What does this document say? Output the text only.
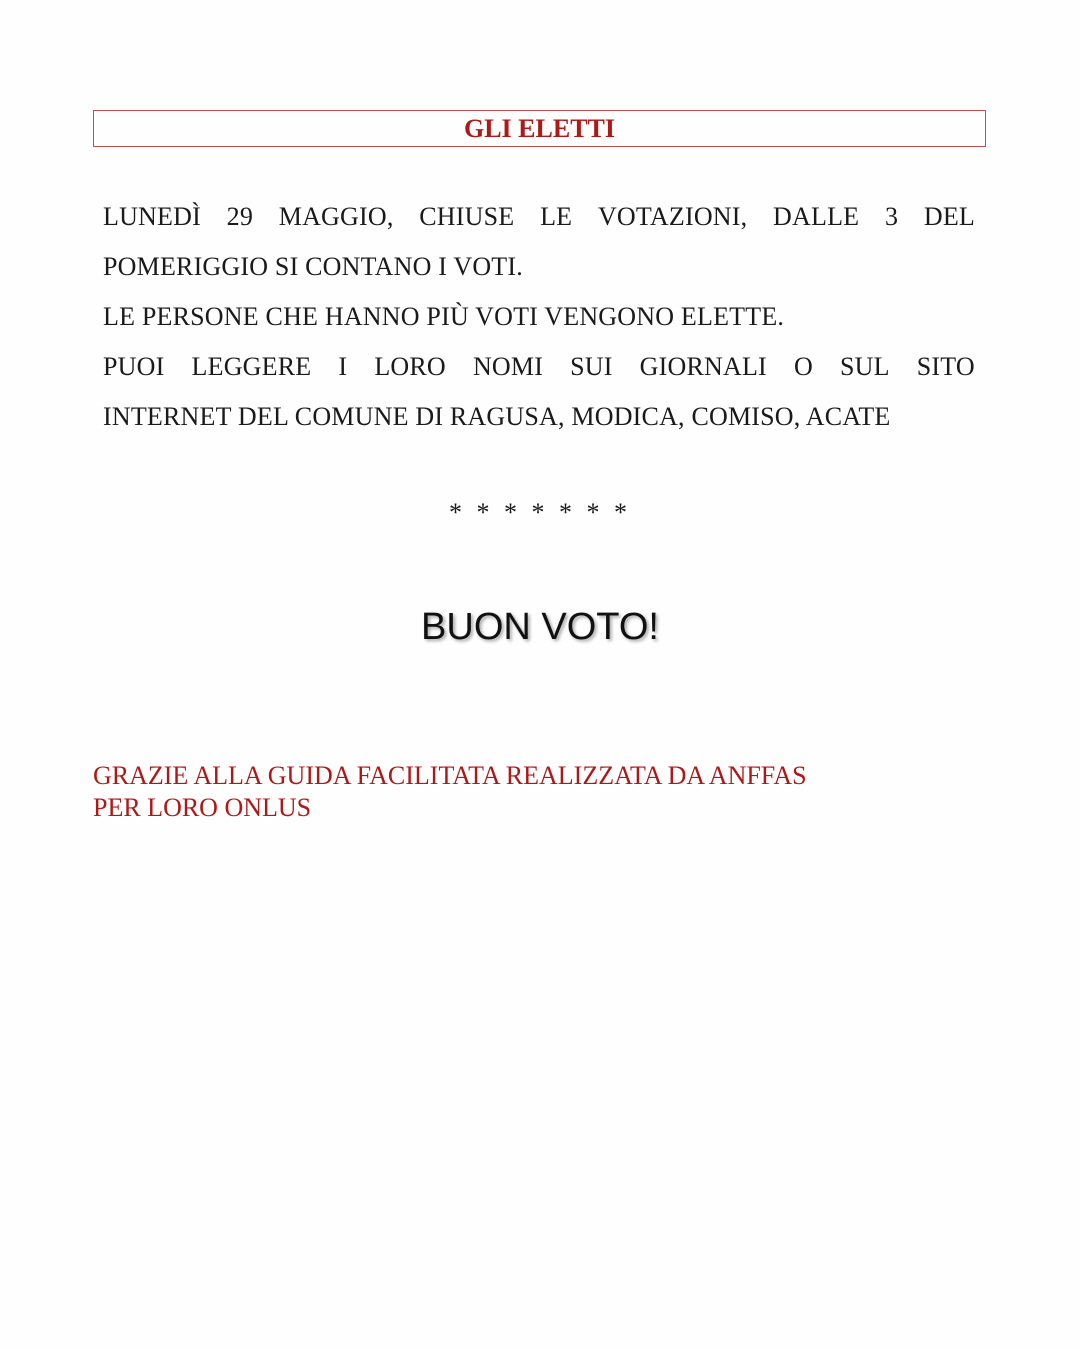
GLI ELETTI
LUNEDÌ 29 MAGGIO, CHIUSE LE VOTAZIONI, DALLE 3 DEL
POMERIGGIO SI CONTANO I VOTI.
LE PERSONE CHE HANNO PIÙ VOTI VENGONO ELETTE.
PUOI LEGGERE I LORO NOMI SUI GIORNALI O SUL SITO
INTERNET DEL COMUNE DI RAGUSA, MODICA, COMISO, ACATE
* * * * * * *
BUON VOTO!
GRAZIE ALLA GUIDA FACILITATA REALIZZATA DA ANFFAS
PER LORO ONLUS
